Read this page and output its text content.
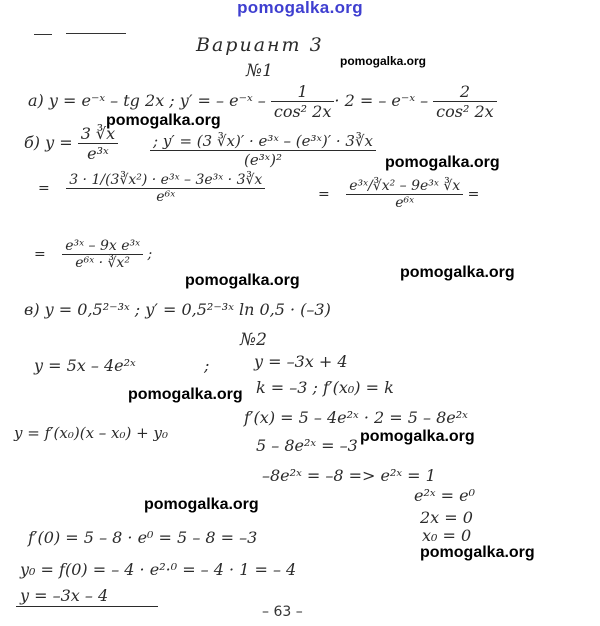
pomogalka.org
Вариант 3
pomogalka.org
№1
а) y = e⁻ˣ – tg 2x ; y′ = – e⁻ˣ – $\frac{1}{\text{cos² 2x}} \cdot 2$ = – e⁻ˣ – $\frac{2}{\text{cos² 2x}}$
pomogalka.org
б) $y = \frac{3 ∛x}{\text{e³ˣ}} \frac{\text{; y′ = (3 ∛x)′ · e³ˣ – (e³ˣ)′ · 3∛x}}{\text{(e³ˣ)²}}$ pomogalka.org
= $\frac{\text{3 · 1/(3∛x²) · e³ˣ – 3e³ˣ · 3∛x}}{\text{e⁶ˣ}}$	= $\frac{\text{e³ˣ/∛x² – 9e³ˣ ∛x}}{\text{e⁶ˣ}}$ =
= $\frac{\text{e³ˣ – 9x e³ˣ}}{\text{e⁶ˣ · ∛x²}}$ ;
pomogalka.org
pomogalka.org
в) y = 0,5²⁻³ˣ ; y′ = 0,5²⁻³ˣ ln 0,5 · (–3)
№2
y = 5x – 4e²ˣ	;	y = –3x + 4
pomogalka.org k = –3 ; f′(x₀) = k
y = f′(x₀)(x – x₀) + y₀
f′(x) = 5 – 4e²ˣ · 2 = 5 – 8e²ˣ
pomogalka.org
5 – 8e²ˣ = –3
–8e²ˣ = –8 => e²ˣ = 1
e²ˣ = e⁰
pomogalka.org
2x = 0
x₀ = 0
f′(0) = 5 – 8 · e⁰ = 5 – 8 = –3
pomogalka.org
y₀ = f(0) = – 4 · e²·⁰ = – 4 · 1 = – 4
y = –3x – 4
– 63 –
